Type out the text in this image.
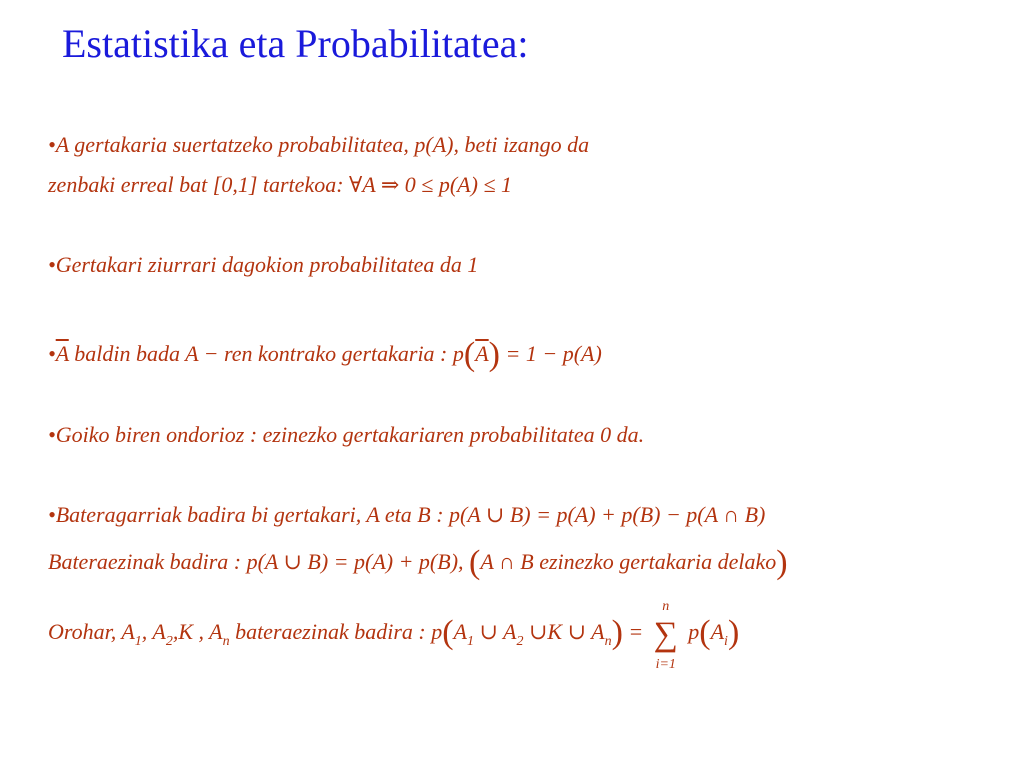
Estatistika eta Probabilitatea:
•A gertakaria suertatzeko probabilitatea, p(A), beti izango da
zenbaki erreal bat [0,1] tartekoa: ∀A ⇒ 0 ≤ p(A) ≤ 1
•Gertakari ziurrari dagokion probabilitatea da 1
$•\overline{A}$ baldin bada A − ren kontrako gertakaria : $p(\overline{A}) = 1 - p(A)$
•Goiko biren ondorioz : ezinezko gertakariaren probabilitatea 0 da.
•Bateragarriak badira bi gertakari, A eta B : p(A ∪ B) = p(A) + p(B) − p(A ∩ B)
Bateraezinak badira : p(A ∪ B) = p(A) + p(B), (A ∩ B ezinezko gertakaria delako)
Orohar, $A_1$, $A_2,K$ , $A_n$ bateraezinak badira : $p(A_1$ ∪ $A_2$ ∪K ∪ $A_n$) =
n
∑
i=1
$p(A_i)$
